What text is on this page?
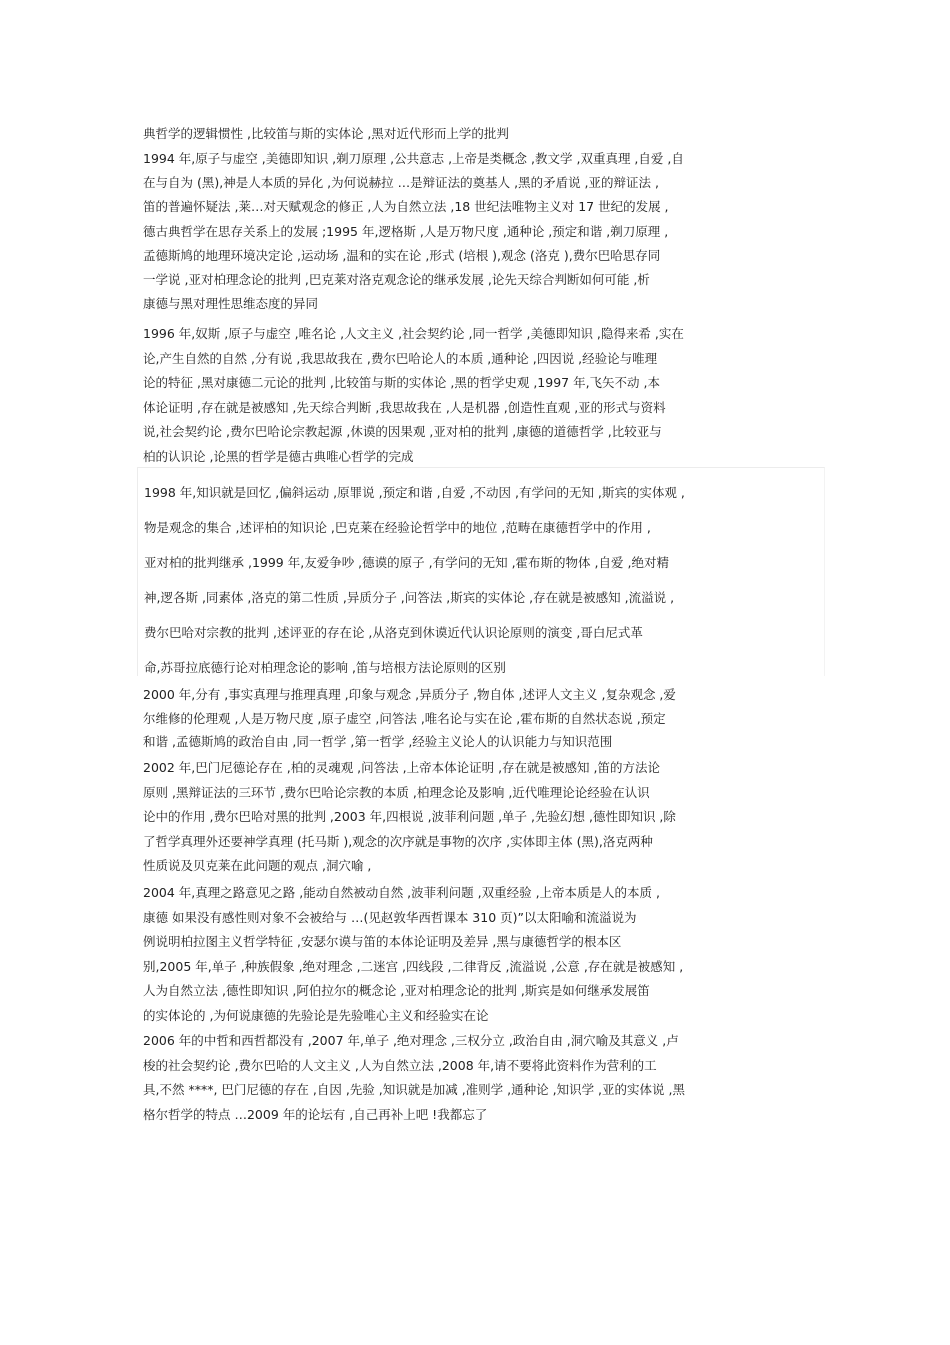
典哲学的逻辑惯性 ,比较笛与斯的实体论 ,黑对近代形而上学的批判

1994 年,原子与虚空 ,美德即知识 ,剃刀原理 ,公共意志 ,上帝是类概念 ,教文学 ,双重真理 ,自爱 ,自

在与自为 (黑),神是人本质的异化 ,为何说赫拉 …是辩证法的奠基人 ,黑的矛盾说 ,亚的辩证法 ,

笛的普遍怀疑法 ,莱…对天赋观念的修正 ,人为自然立法 ,18 世纪法唯物主义对 17 世纪的发展 ,

德古典哲学在思存关系上的发展 ;1995 年,逻格斯 ,人是万物尺度 ,通种论 ,预定和谐 ,剃刀原理 ,

孟德斯鸠的地理环境决定论 ,运动场 ,温和的实在论 ,形式 (培根 ),观念 (洛克 ),费尔巴哈思存同

一学说 ,亚对柏理念论的批判 ,巴克莱对洛克观念论的继承发展 ,论先天综合判断如何可能 ,析

康德与黑对理性思维态度的异同

1996 年,奴斯 ,原子与虚空 ,唯名论 ,人文主义 ,社会契约论 ,同一哲学 ,美德即知识 ,隐得来希 ,实在

论,产生自然的自然 ,分有说 ,我思故我在 ,费尔巴哈论人的本质 ,通种论 ,四因说 ,经验论与唯理

论的特征 ,黑对康德二元论的批判 ,比较笛与斯的实体论 ,黑的哲学史观 ,1997 年,飞矢不动 ,本

体论证明 ,存在就是被感知 ,先天综合判断 ,我思故我在 ,人是机器 ,创造性直观 ,亚的形式与资料

说,社会契约论 ,费尔巴哈论宗教起源 ,休谟的因果观 ,亚对柏的批判 ,康德的道德哲学 ,比较亚与

柏的认识论 ,论黑的哲学是德古典唯心哲学的完成

1998 年,知识就是回忆 ,偏斜运动 ,原罪说 ,预定和谐 ,自爱 ,不动因 ,有学问的无知 ,斯宾的实体观 ,

物是观念的集合 ,述评柏的知识论 ,巴克莱在经验论哲学中的地位 ,范畴在康德哲学中的作用 ,

亚对柏的批判继承 ,1999 年,友爱争吵 ,德谟的原子 ,有学问的无知 ,霍布斯的物体 ,自爱 ,绝对精

神,逻各斯 ,同素体 ,洛克的第二性质 ,异质分子 ,问答法 ,斯宾的实体论 ,存在就是被感知 ,流溢说 ,

费尔巴哈对宗教的批判 ,述评亚的存在论 ,从洛克到休谟近代认识论原则的演变 ,哥白尼式革

命,苏哥拉底德行论对柏理念论的影响 ,笛与培根方法论原则的区别

2000 年,分有 ,事实真理与推理真理 ,印象与观念 ,异质分子 ,物自体 ,述评人文主义 ,复杂观念 ,爱

尔维修的伦理观 ,人是万物尺度 ,原子虚空 ,问答法 ,唯名论与实在论 ,霍布斯的自然状态说 ,预定

和谐 ,孟德斯鸠的政治自由 ,同一哲学 ,第一哲学 ,经验主义论人的认识能力与知识范围

2002 年,巴门尼德论存在 ,柏的灵魂观 ,问答法 ,上帝本体论证明 ,存在就是被感知 ,笛的方法论

原则 ,黑辩证法的三环节 ,费尔巴哈论宗教的本质 ,柏理念论及影响 ,近代唯理论论经验在认识

论中的作用 ,费尔巴哈对黑的批判 ,2003 年,四根说 ,波菲利问题 ,单子 ,先验幻想 ,德性即知识 ,除

了哲学真理外还要神学真理 (托马斯 ),观念的次序就是事物的次序 ,实体即主体 (黑),洛克两种

性质说及贝克莱在此问题的观点 ,洞穴喻 ,

2004 年,真理之路意见之路 ,能动自然被动自然 ,波菲利问题 ,双重经验 ,上帝本质是人的本质 ,

康德 如果没有感性则对象不会被给与 …(见赵敦华西哲课本 310 页)”以太阳喻和流溢说为

例说明柏拉图主义哲学特征 ,安瑟尔谟与笛的本体论证明及差异 ,黑与康德哲学的根本区

别,2005 年,单子 ,种族假象 ,绝对理念 ,二迷宫 ,四线段 ,二律背反 ,流溢说 ,公意 ,存在就是被感知 ,

人为自然立法 ,德性即知识 ,阿伯拉尔的概念论 ,亚对柏理念论的批判 ,斯宾是如何继承发展笛

的实体论的 ,为何说康德的先验论是先验唯心主义和经验实在论

2006 年的中哲和西哲都没有 ,2007 年,单子 ,绝对理念 ,三权分立 ,政治自由 ,洞穴喻及其意义 ,卢

梭的社会契约论 ,费尔巴哈的人文主义 ,人为自然立法 ,2008 年,请不要将此资料作为营利的工

具,不然 ****, 巴门尼德的存在 ,自因 ,先验 ,知识就是加减 ,准则学 ,通种论 ,知识学 ,亚的实体说 ,黑

格尔哲学的特点 …2009 年的论坛有 ,自己再补上吧 !我都忘了
